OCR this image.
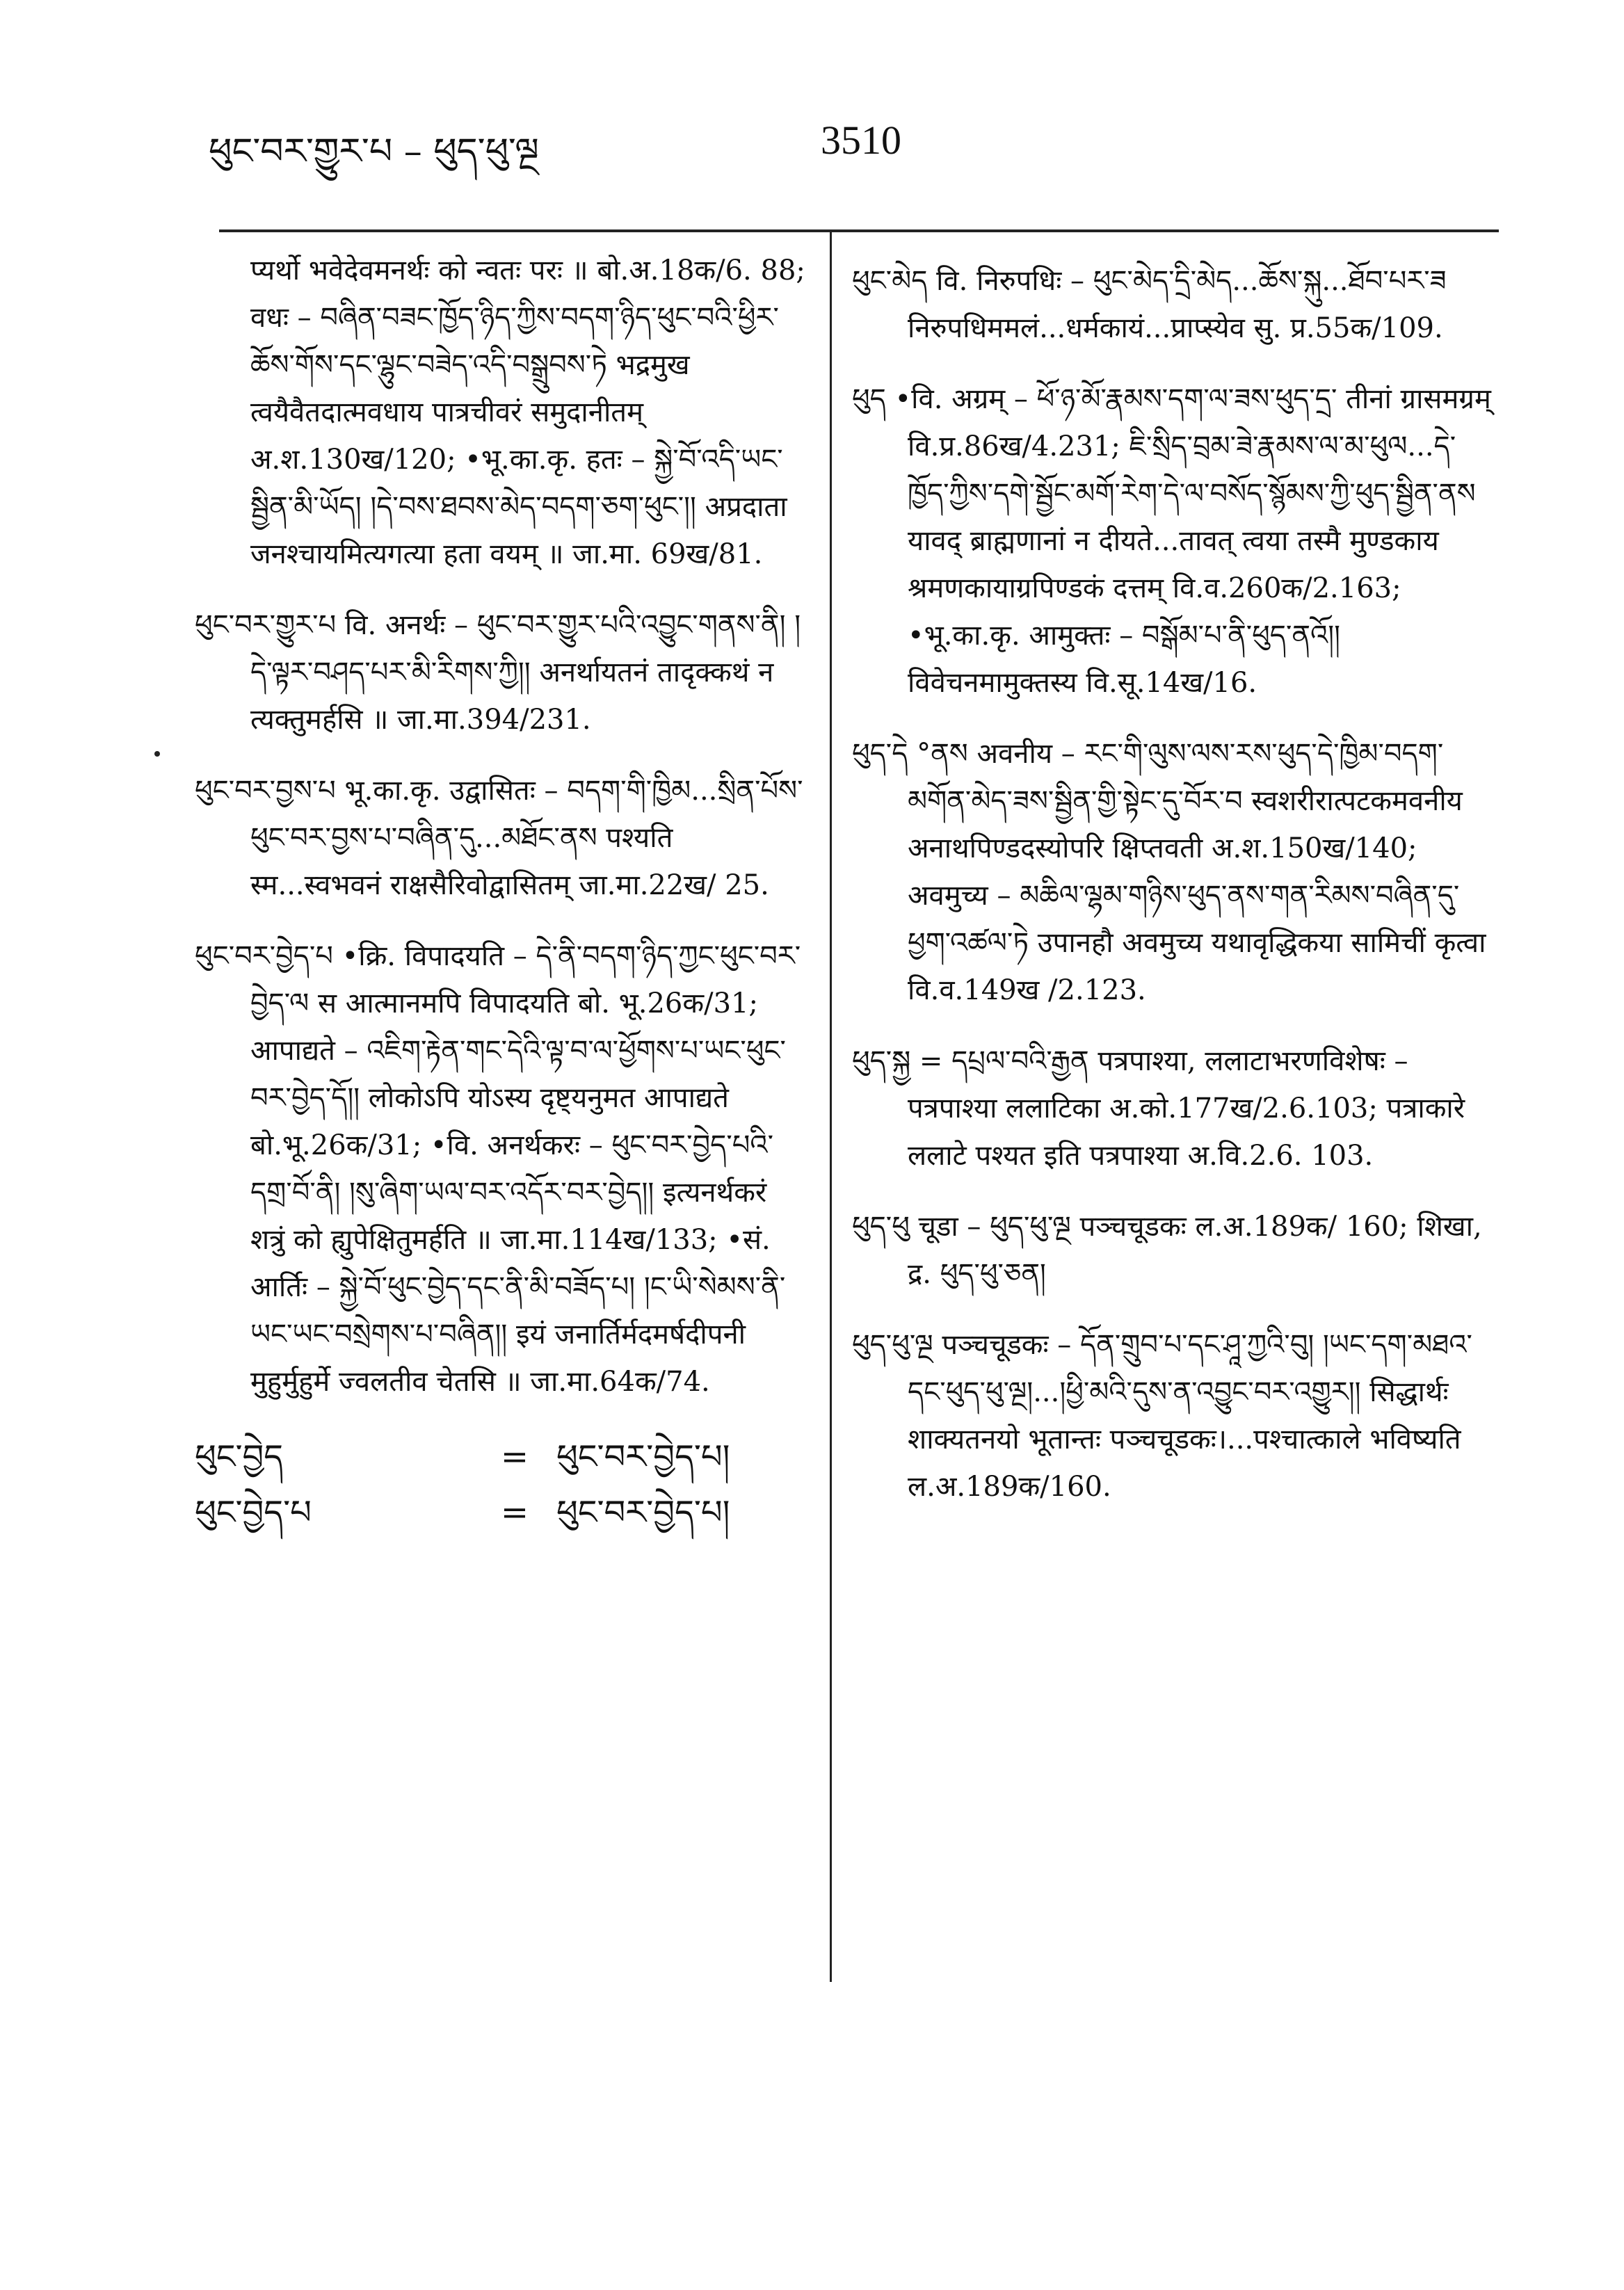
ཕུང་བར་གྱུར་པ – ཕུད་ཕུ་ལྔ	3510

प्यर्थो भवेदेवमनर्थः को न्वतः परः ॥ बो.अ.18क/6. 88; वधः – བཞིན་བཟང་ཁྱོད་ཉིད་ཀྱིས་བདག་ཉིད་ཕུང་བའི་ཕྱིར་ཆོས་གོས་དང་ལྷུང་བཟེད་འདི་བསྒྲུབས་ཏེ भद्रमुख त्वयैवैतदात्मवधाय पात्रचीवरं समुदानीतम् अ.श.130ख/120; •भू.का.कृ. हतः – སྐྱེ་བོ་འདི་ཡང་སྦྱིན་མི་ཡོད། །དེ་བས་ཐབས་མེད་བདག་ཅག་ཕུང་།། अप्रदाता जनश्चायमित्यगत्या हता वयम् ॥ जा.मा. 69ख/81.

ཕུང་བར་གྱུར་པ वि. अनर्थः – ཕུང་བར་གྱུར་པའི་འབྱུང་གནས་ནི། །དེ་ལྟར་བཤད་པར་མི་རིགས་ཀྱི།། अनर्थायतनं तादृक्कथं न त्यक्तुमर्हसि ॥ जा.मा.394/231.

ཕུང་བར་བྱས་པ भू.का.कृ. उद्वासितः – བདག་གི་ཁྱིམ...སྲིན་པོས་ཕུང་བར་བྱས་པ་བཞིན་དུ...མཐོང་ནས पश्यति स्म...स्वभवनं राक्षसैरिवोद्वासितम् जा.मा.22ख/ 25.

ཕུང་བར་བྱེད་པ •क्रि. विपादयति – དེ་ནི་བདག་ཉིད་ཀྱང་ཕུང་བར་བྱེད་ལ स आत्मानमपि विपादयति बो. भू.26क/31; आपाद्यते – འཇིག་རྟེན་གང་དེའི་ལྟ་བ་ལ་ཕྱོགས་པ་ཡང་ཕུང་བར་བྱེད་དོ།། लोकोऽपि योऽस्य दृष्ट्यनुमत आपाद्यते बो.भू.26क/31; •वि. अनर्थकरः – ཕུང་བར་བྱེད་པའི་དགྲ་བོ་ནི། །སུ་ཞིག་ཡལ་བར་འདོར་བར་བྱེད།། इत्यनर्थकरं शत्रुं को ह्युपेक्षितुमर्हति ॥ जा.मा.114ख/133; •सं. आर्तिः – སྐྱེ་བོ་ཕུང་བྱེད་དང་ནི་མི་བཟོད་པ། །ང་ཡི་སེམས་ནི་ཡང་ཡང་བསྲེགས་པ་བཞིན།། इयं जनार्तिर्मदमर्षदीपनी मुहुर्मुहुर्मे ज्वलतीव चेतसि ॥ जा.मा.64क/74.

ཕུང་བྱེད	= ཕུང་བར་བྱེད་པ།
ཕུང་བྱེད་པ	= ཕུང་བར་བྱེད་པ།

ཕུང་མེད वि. निरुपधिः – ཕུང་མེད་དྲི་མེད...ཆོས་སྐུ...ཐོབ་པར་ཟ निरुपधिममलं...धर्मकायं...प्राप्स्येव सु. प्र.55क/109.

ཕུད •वि. अग्रम् – ཕོ་ཉ་མོ་རྣམས་དག་ལ་ཟས་ཕུད་དྲ་ तीनां ग्रासमग्रम् वि.प्र.86ख/4.231; ཇི་སྲིད་བྲམ་ཟེ་རྣམས་ལ་མ་ཕུལ...དེ་ཁྱོད་ཀྱིས་དགེ་སྦྱོང་མགོ་རེག་དེ་ལ་བསོད་སྙོམས་ཀྱི་ཕུད་སྦྱིན་ནས यावद् ब्राह्मणानां न दीयते...तावत् त्वया तस्मै मुण्डकाय श्रमणकायाग्रपिण्डकं दत्तम् वि.व.260क/2.163; •भू.का.कृ. आमुक्तः – བསྒོམ་པ་ནི་ཕུད་ནའོ།། विवेचनमामुक्तस्य वि.सू.14ख/16.

ཕུད་དེ °ནས अवनीय – རང་གི་ལུས་ལས་རས་ཕུད་དེ་ཁྱིམ་བདག་མགོན་མེད་ཟས་སྦྱིན་གྱི་སྟེང་དུ་བོར་བ स्वशरीरात्पटकमवनीय अनाथपिण्डदस्योपरि क्षिप्तवती अ.श.150ख/140; अवमुच्य – མཆིལ་ལྷམ་གཉིས་ཕུད་ནས་གན་རིམས་བཞིན་དུ་ཕྱག་འཚལ་ཏེ उपानहौ अवमुच्य यथावृद्धिकया सामिचीं कृत्वा वि.व.149ख /2.123.

ཕུད་སྐྱ = དཔྲལ་བའི་རྒྱན पत्रपाश्या, ललाटाभरणविशेषः – पत्रपाश्या ललाटिका अ.को.177ख/2.6.103; पत्राकारे ललाटे पश्यत इति पत्रपाश्या अ.वि.2.6. 103.

ཕུད་ཕུ चूडा – ཕུད་ཕུ་ལྔ पञ्चचूडकः ल.अ.189क/ 160; शिखा, द्र. ཕུད་ཕུ་ཅན།

ཕུད་ཕུ་ལྔ पञ्चचूडकः – དོན་གྲུབ་པ་དང་ཤཱ་ཀྱའི་བུ། །ཡང་དག་མཐའ་དང་ཕུད་ཕུ་ལྔ།...།ཕྱི་མའི་དུས་ན་འབྱུང་བར་འགྱུར།། सिद्धार्थः शाक्यतनयो भूतान्तः पञ्चचूडकः।...पश्चात्काले भविष्यति ल.अ.189क/160.
